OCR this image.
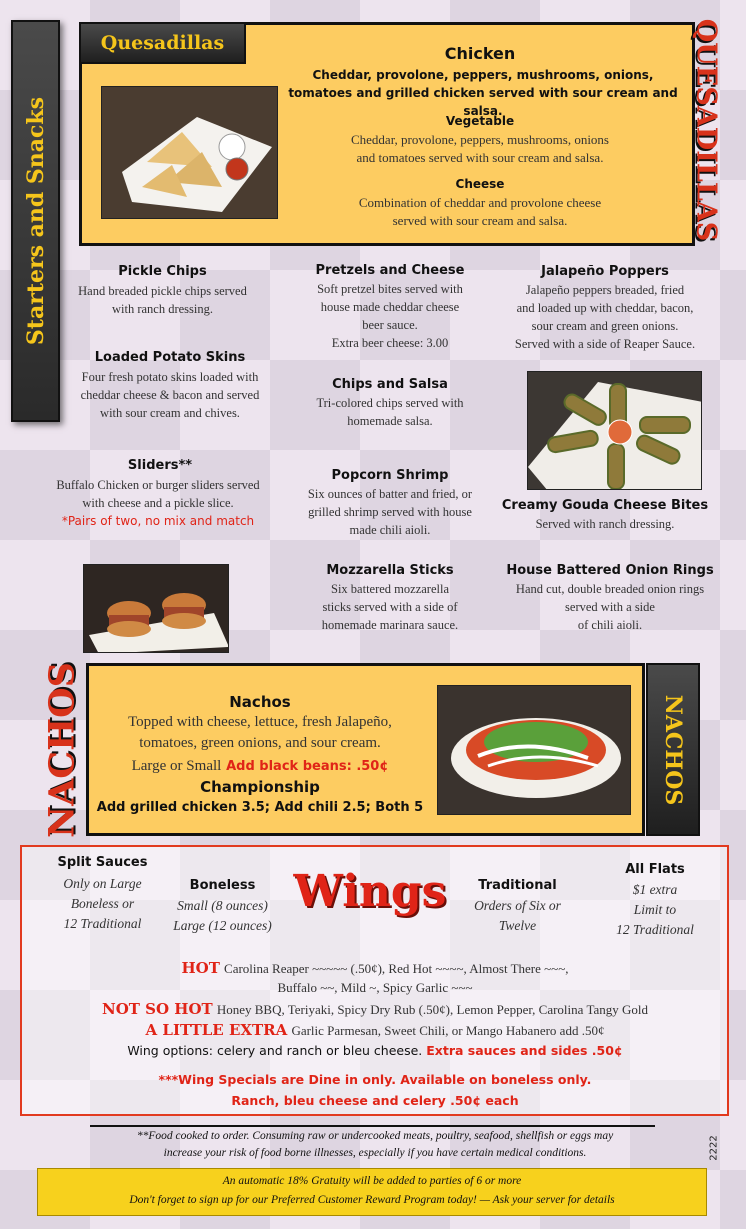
Starters and Snacks
Quesadillas	Chicken
Cheddar, provolone, peppers, mushrooms, onions, tomatoes and grilled chicken served with sour cream and salsa.
Vegetable
Cheddar, provolone, peppers, mushrooms, onions
and tomatoes served with sour cream and salsa.
Cheese
Combination of cheddar and provolone cheese
served with sour cream and salsa.	QUESADILLAS
Pickle Chips
Hand breaded pickle chips served
with ranch dressing.
Loaded Potato Skins
Four fresh potato skins loaded with
cheddar cheese & bacon and served
with sour cream and chives.
Sliders**
Buffalo Chicken or burger sliders served
with cheese and a pickle slice.
*Pairs of two, no mix and match
Pretzels and Cheese
Soft pretzel bites served with
house made cheddar cheese
beer sauce.
Extra beer cheese: 3.00
Chips and Salsa
Tri-colored chips served with
homemade salsa.
Popcorn Shrimp
Six ounces of batter and fried, or
grilled shrimp served with house
made chili aioli.
Mozzarella Sticks
Six battered mozzarella
sticks served with a side of
homemade marinara sauce.
Jalapeño Poppers
Jalapeño peppers breaded, fried
and loaded up with cheddar, bacon,
sour cream and green onions.
Served with a side of Reaper Sauce.
Creamy Gouda Cheese Bites
Served with ranch dressing.
House Battered Onion Rings
Hand cut, double breaded onion rings
served with a side
of chili aioli.
NACHOS	NACHOS
Nachos
Topped with cheese, lettuce, fresh Jalapeño,
tomatoes, green onions, and sour cream.
Large or Small Add black beans: .50¢
Championship
Add grilled chicken 3.5; Add chili 2.5; Both 5
Split Sauces
Only on Large
Boneless or
12 Traditional
Boneless
Small (8 ounces)
Large (12 ounces)
Wings	Traditional
Orders of Six or
Twelve
All Flats
$1 extra
Limit to
12 Traditional
HOT Carolina Reaper ~~~~~ (.50¢), Red Hot ~~~~, Almost There ~~~,
Buffalo ~~, Mild ~, Spicy Garlic ~~~
NOT SO HOT Honey BBQ, Teriyaki, Spicy Dry Rub (.50¢), Lemon Pepper, Carolina Tangy Gold
A LITTLE EXTRA Garlic Parmesan, Sweet Chili, or Mango Habanero add .50¢
Wing options: celery and ranch or bleu cheese. Extra sauces and sides .50¢
***Wing Specials are Dine in only. Available on boneless only.
Ranch, bleu cheese and celery .50¢ each
**Food cooked to order. Consuming raw or undercooked meats, poultry, seafood, shellfish or eggs may
increase your risk of food borne illnesses, especially if you have certain medical conditions.	2222
An automatic 18% Gratuity will be added to parties of 6 or more
Don't forget to sign up for our Preferred Customer Reward Program today! — Ask your server for details
